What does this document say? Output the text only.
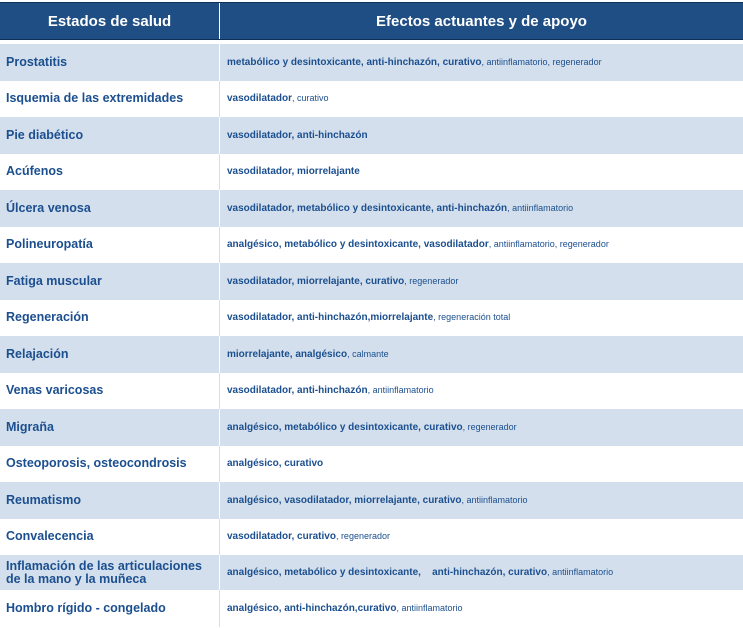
Estados de salud	Efectos actuantes y de apoyo
Prostatitis	metabólico y desintoxicante, anti-hinchazón, curativo, antiinflamatorio, regenerador
Isquemia de las extremidades	vasodilatador, curativo
Pie diabético	vasodilatador, anti-hinchazón
Acúfenos	vasodilatador, miorrelajante
Úlcera venosa	vasodilatador, metabólico y desintoxicante, anti-hinchazón, antiinflamatorio
Polineuropatía	analgésico, metabólico y desintoxicante, vasodilatador, antiinflamatorio, regenerador
Fatiga muscular	vasodilatador, miorrelajante, curativo, regenerador
Regeneración	vasodilatador, anti-hinchazón,miorrelajante, regeneración total
Relajación	miorrelajante, analgésico, calmante
Venas varicosas	vasodilatador, anti-hinchazón, antiinflamatorio
Migraña	analgésico, metabólico y desintoxicante, curativo, regenerador
Osteoporosis, osteocondrosis	analgésico, curativo
Reumatismo	analgésico, vasodilatador, miorrelajante, curativo, antiinflamatorio
Convalecencia	vasodilatador, curativo, regenerador
Inflamación de las articulaciones de la mano y la muñeca	analgésico, metabólico y desintoxicante,    anti-hinchazón, curativo, antiinflamatorio
Hombro rígido - congelado	analgésico, anti-hinchazón,curativo, antiinflamatorio
